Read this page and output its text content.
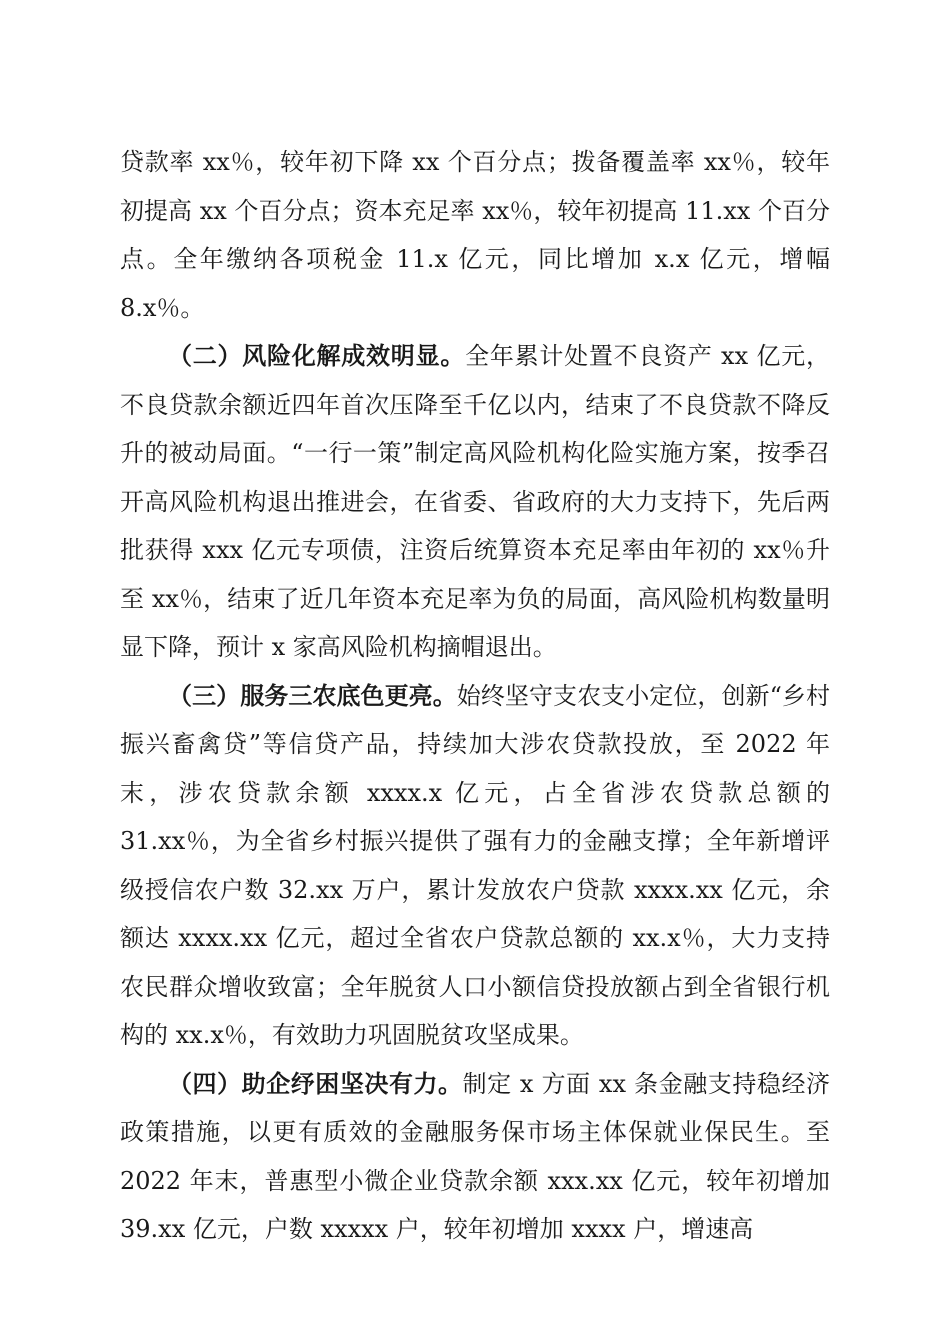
贷款率 xx％，较年初下降 xx 个百分点；拨备覆盖率 xx％，较年初提高 xx 个百分点；资本充足率 xx％，较年初提高 11.xx 个百分点。全年缴纳各项税金 11.x 亿元，同比增加 x.x 亿元，增幅 8.x％。

（二）风险化解成效明显。全年累计处置不良资产 xx 亿元，不良贷款余额近四年首次压降至千亿以内，结束了不良贷款不降反升的被动局面。“一行一策”制定高风险机构化险实施方案，按季召开高风险机构退出推进会，在省委、省政府的大力支持下，先后两批获得 xxx 亿元专项债，注资后统算资本充足率由年初的 xx％升至 xx％，结束了近几年资本充足率为负的局面，高风险机构数量明显下降，预计 x 家高风险机构摘帽退出。

（三）服务三农底色更亮。始终坚守支农支小定位，创新“乡村振兴畜禽贷”等信贷产品，持续加大涉农贷款投放，至 2022 年末，涉农贷款余额 xxxx.x 亿元，占全省涉农贷款总额的 31.xx％，为全省乡村振兴提供了强有力的金融支撑；全年新增评级授信农户数 32.xx 万户，累计发放农户贷款 xxxx.xx 亿元，余额达 xxxx.xx 亿元，超过全省农户贷款总额的 xx.x％，大力支持农民群众增收致富；全年脱贫人口小额信贷投放额占到全省银行机构的 xx.x％，有效助力巩固脱贫攻坚成果。

（四）助企纾困坚决有力。制定 x 方面 xx 条金融支持稳经济政策措施，以更有质效的金融服务保市场主体保就业保民生。至 2022 年末，普惠型小微企业贷款余额 xxx.xx 亿元，较年初增加 39.xx 亿元，户数 xxxxx 户，较年初增加 xxxx 户，增速高
